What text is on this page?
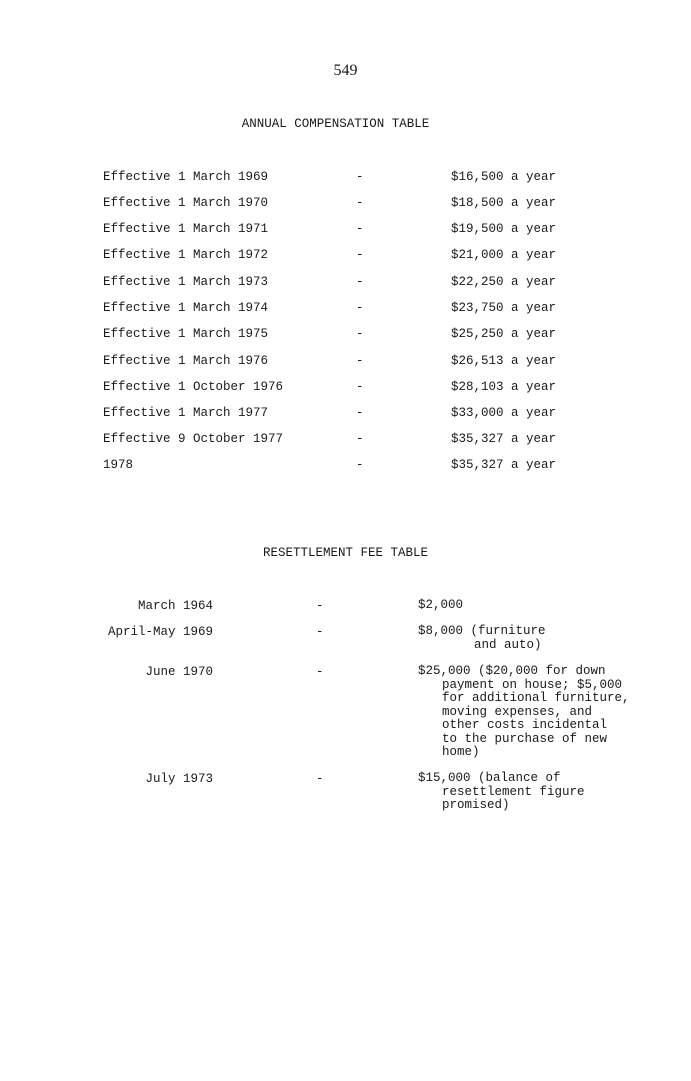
549
ANNUAL COMPENSATION TABLE
Effective 1 March 1969	-	$16,500 a year
Effective 1 March 1970	-	$18,500 a year
Effective 1 March 1971	-	$19,500 a year
Effective 1 March 1972	-	$21,000 a year
Effective 1 March 1973	-	$22,250 a year
Effective 1 March 1974	-	$23,750 a year
Effective 1 March 1975	-	$25,250 a year
Effective 1 March 1976	-	$26,513 a year
Effective 1 October 1976	-	$28,103 a year
Effective 1 March 1977	-	$33,000 a year
Effective 9 October 1977	-	$35,327 a year
1978	-	$35,327 a year
RESETTLEMENT FEE TABLE
March 1964	-	$2,000
April-May 1969	-	$8,000 (furniture
and auto)
June 1970	-	$25,000 ($20,000 for down
payment on house; $5,000
for additional furniture,
moving expenses, and
other costs incidental
to the purchase of new
home)
July 1973	-	$15,000 (balance of
resettlement figure
promised)
